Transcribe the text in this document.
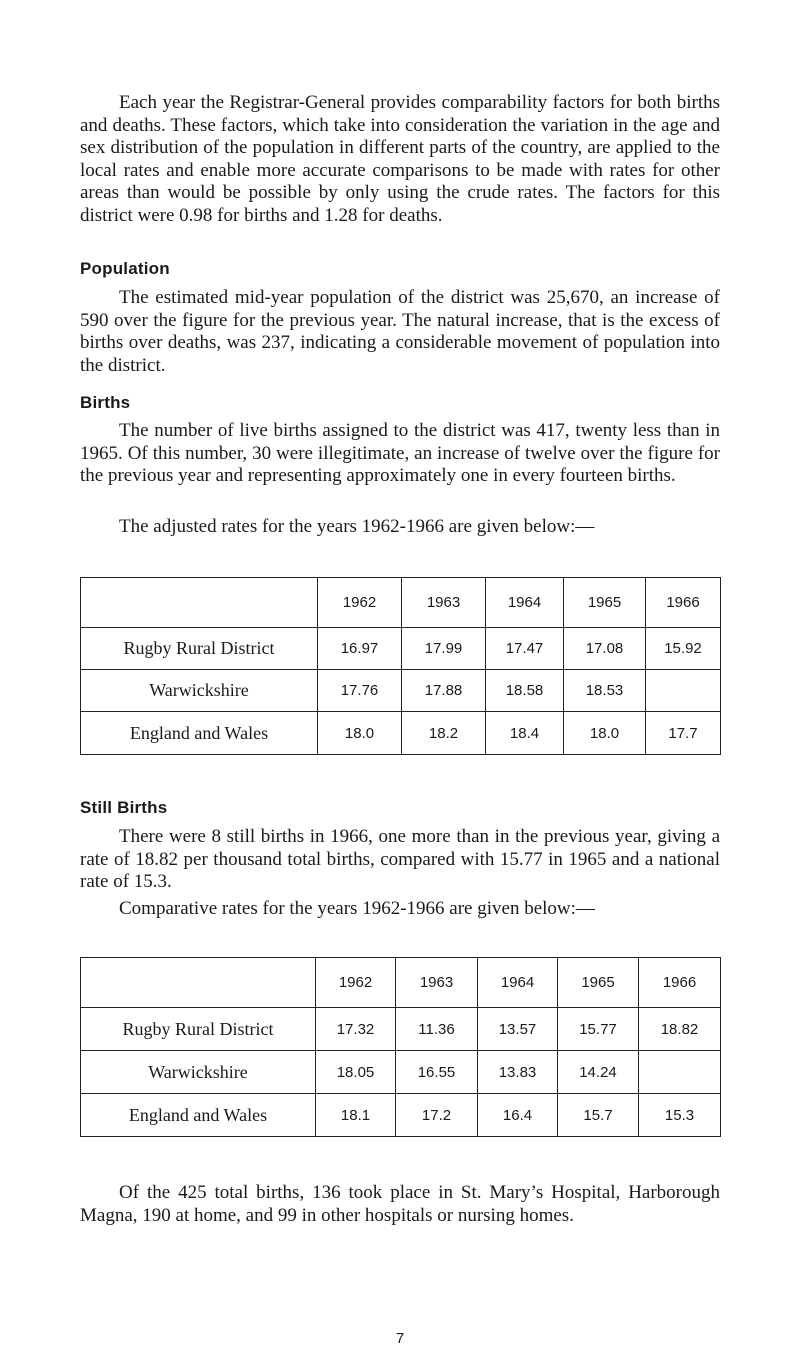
Each year the Registrar-General provides comparability factors for both births and deaths. These factors, which take into consideration the variation in the age and sex distribution of the population in different parts of the country, are applied to the local rates and enable more accurate comparisons to be made with rates for other areas than would be possible by only using the crude rates. The factors for this district were 0.98 for births and 1.28 for deaths.

Population

The estimated mid-year population of the district was 25,670, an increase of 590 over the figure for the previous year. The natural increase, that is the excess of births over deaths, was 237, indicating a considerable movement of population into the district.

Births

The number of live births assigned to the district was 417, twenty less than in 1965. Of this number, 30 were illegitimate, an increase of twelve over the figure for the previous year and representing approximately one in every fourteen births.

The adjusted rates for the years 1962-1966 are given below:—

	1962	1963	1964	1965	1966
Rugby Rural District	16.97	17.99	17.47	17.08	15.92
Warwickshire	17.76	17.88	18.58	18.53	
England and Wales	18.0	18.2	18.4	18.0	17.7
Still Births

There were 8 still births in 1966, one more than in the previous year, giving a rate of 18.82 per thousand total births, compared with 15.77 in 1965 and a national rate of 15.3.

Comparative rates for the years 1962-1966 are given below:—

	1962	1963	1964	1965	1966
Rugby Rural District	17.32	11.36	13.57	15.77	18.82
Warwickshire	18.05	16.55	13.83	14.24	
England and Wales	18.1	17.2	16.4	15.7	15.3

Of the 425 total births, 136 took place in St. Mary’s Hospital, Harborough Magna, 190 at home, and 99 in other hospitals or nursing homes.

7
